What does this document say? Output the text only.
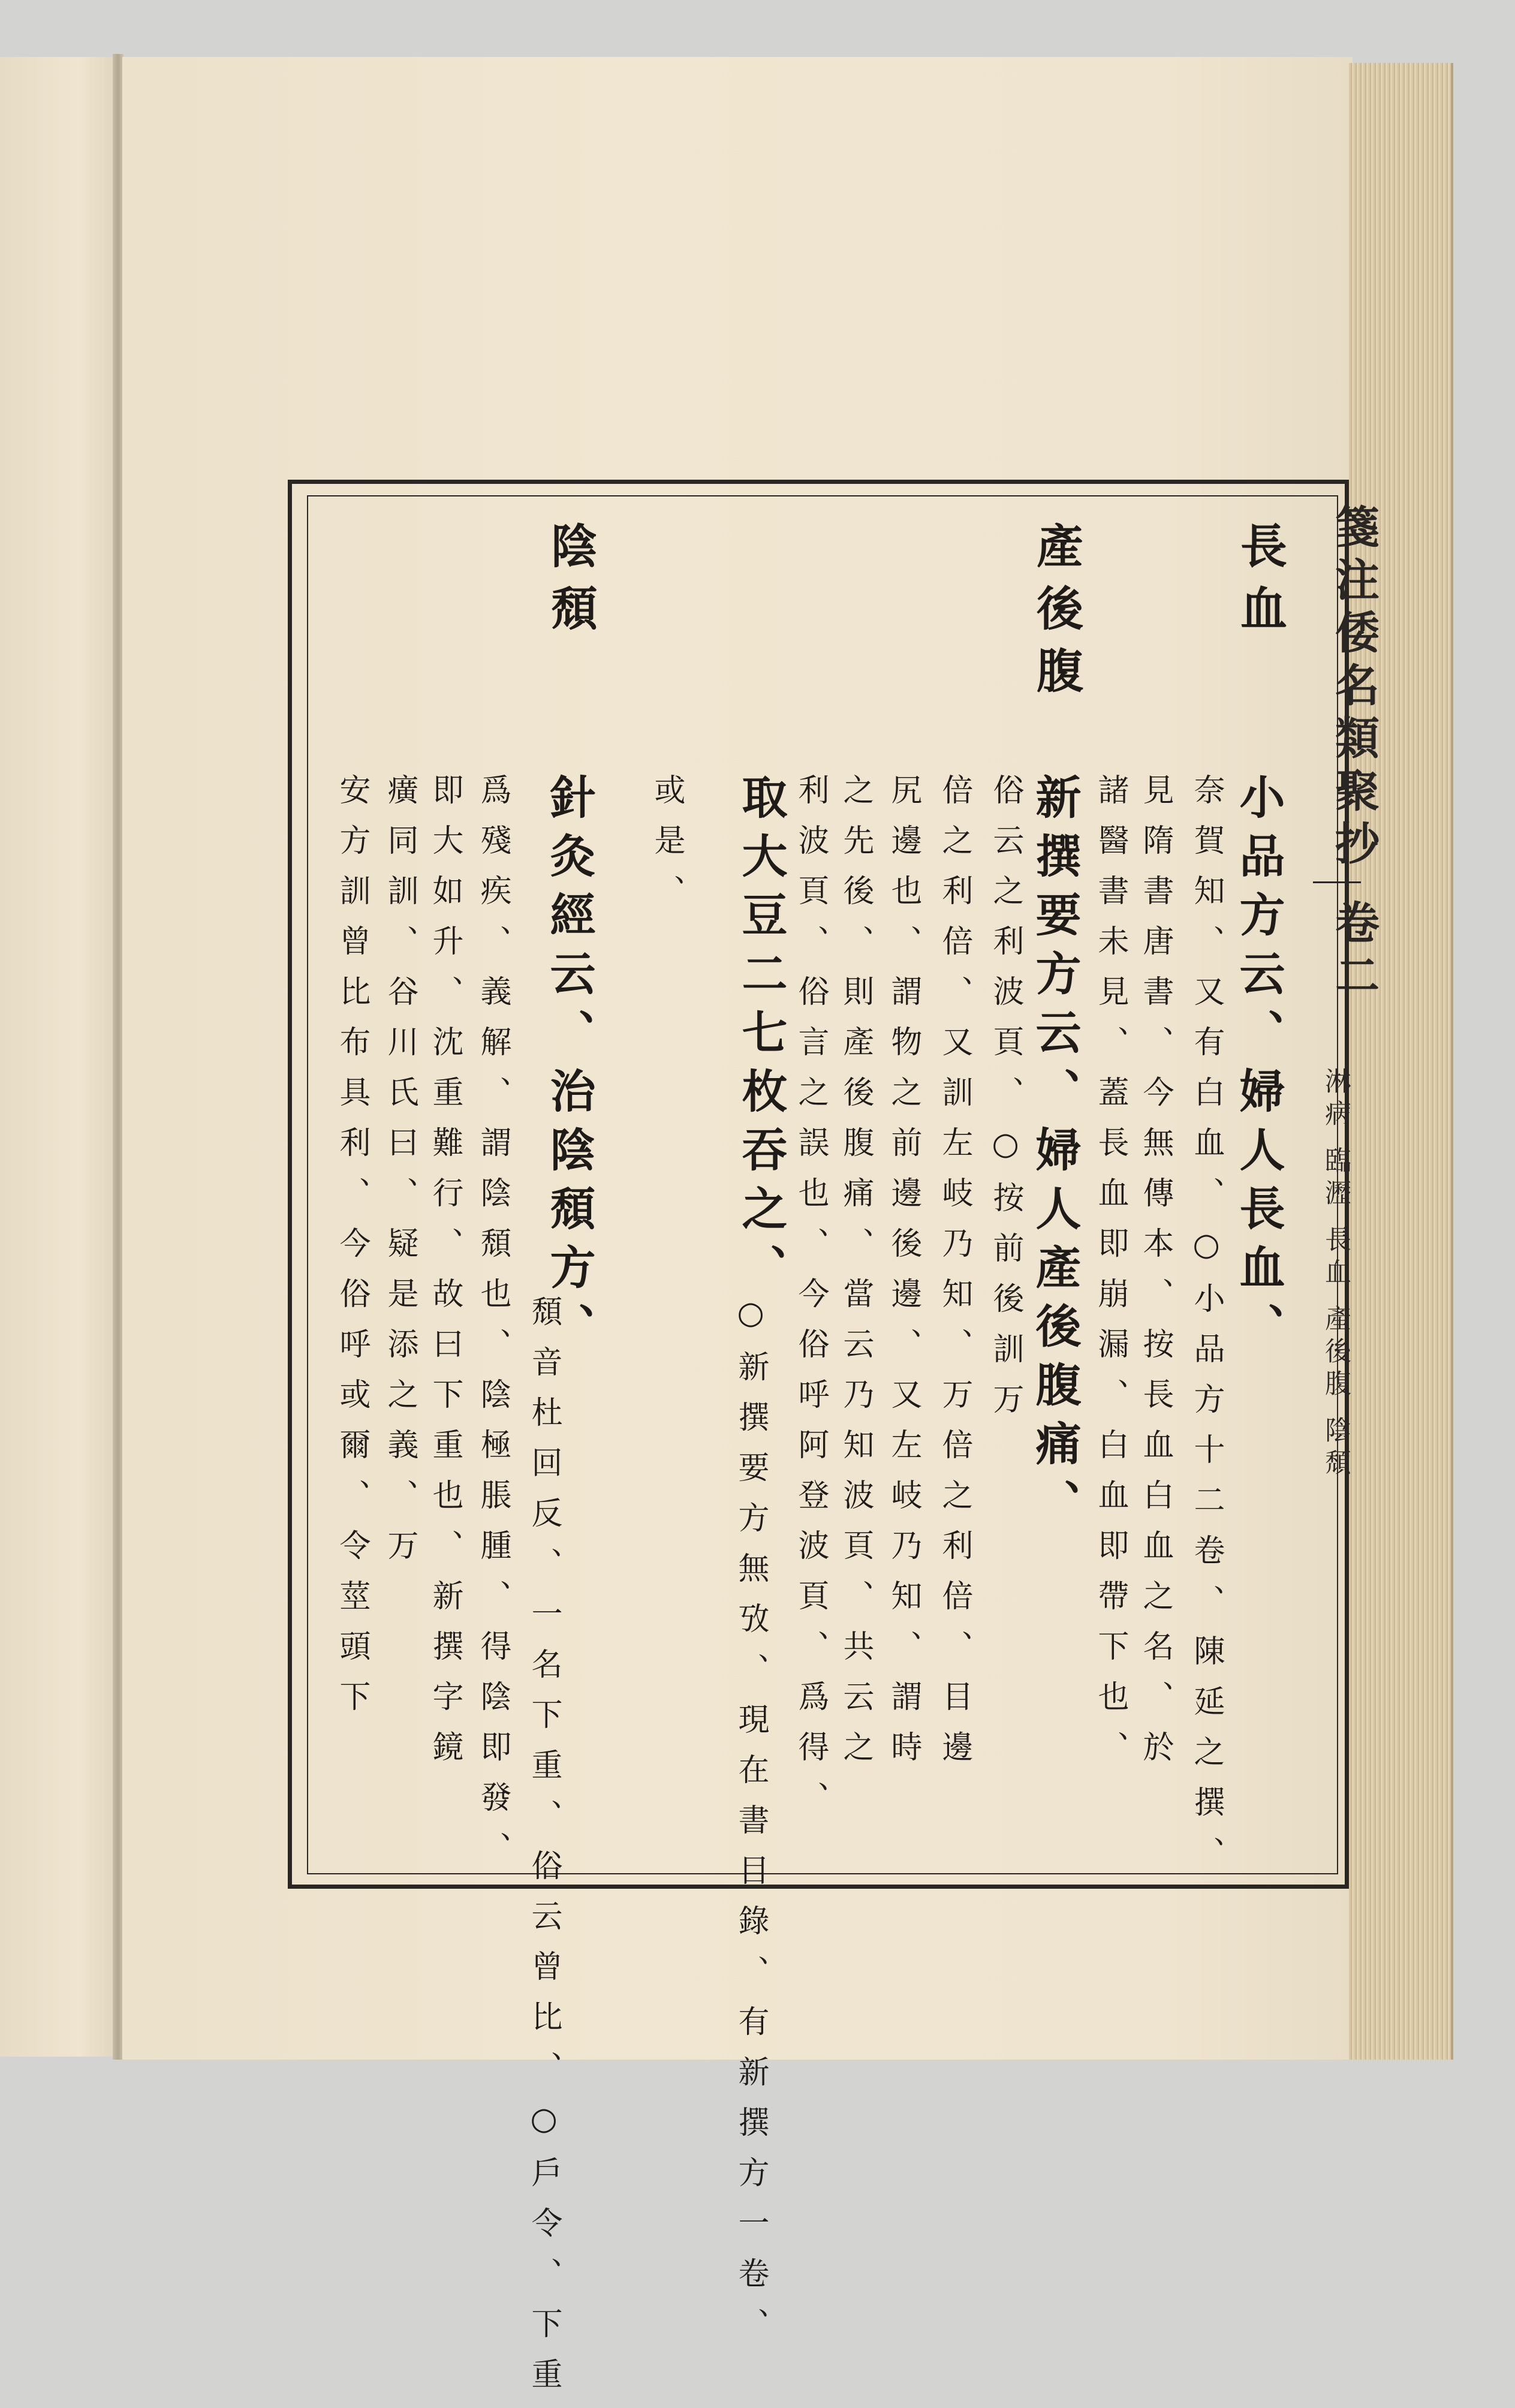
箋注倭名類聚抄
卷二
淋病 臨瀝 長血 產後腹 陰頹
長血
小品方云、婦人長血、
奈賀知、又有白血、○小品方十二卷、陳延之撰、
見隋書唐書、今無傳本、按長血白血之名、於
諸醫書未見、蓋長血即崩漏、白血即帶下也、
產後腹
新撰要方云、婦人產後腹痛、
俗云之利波頁、○按前後訓万
倍之利倍、又訓左岐乃知、万倍之利倍、目邊
尻邊也、謂物之前邊後邊、又左岐乃知、謂時
之先後、則產後腹痛、當云乃知波頁、共云之
利波頁、俗言之誤也、今俗呼阿登波頁、爲得、
取大豆二七枚吞之、
○新撰要方無攷、現在書目錄、有新撰方一卷、
或是、
陰頹
針灸經云、治陰頹方、
頹音杜回反、一名下重、俗云曾比、○戶令、下重
爲殘疾、義解、謂陰頹也、陰極脹腫、得陰即發、
即大如升、沈重難行、故曰下重也、新撰字鏡
癀同訓、谷川氏曰、疑是添之義、万
安方訓曾比布具利、今俗呼或爾、令莖頭下
